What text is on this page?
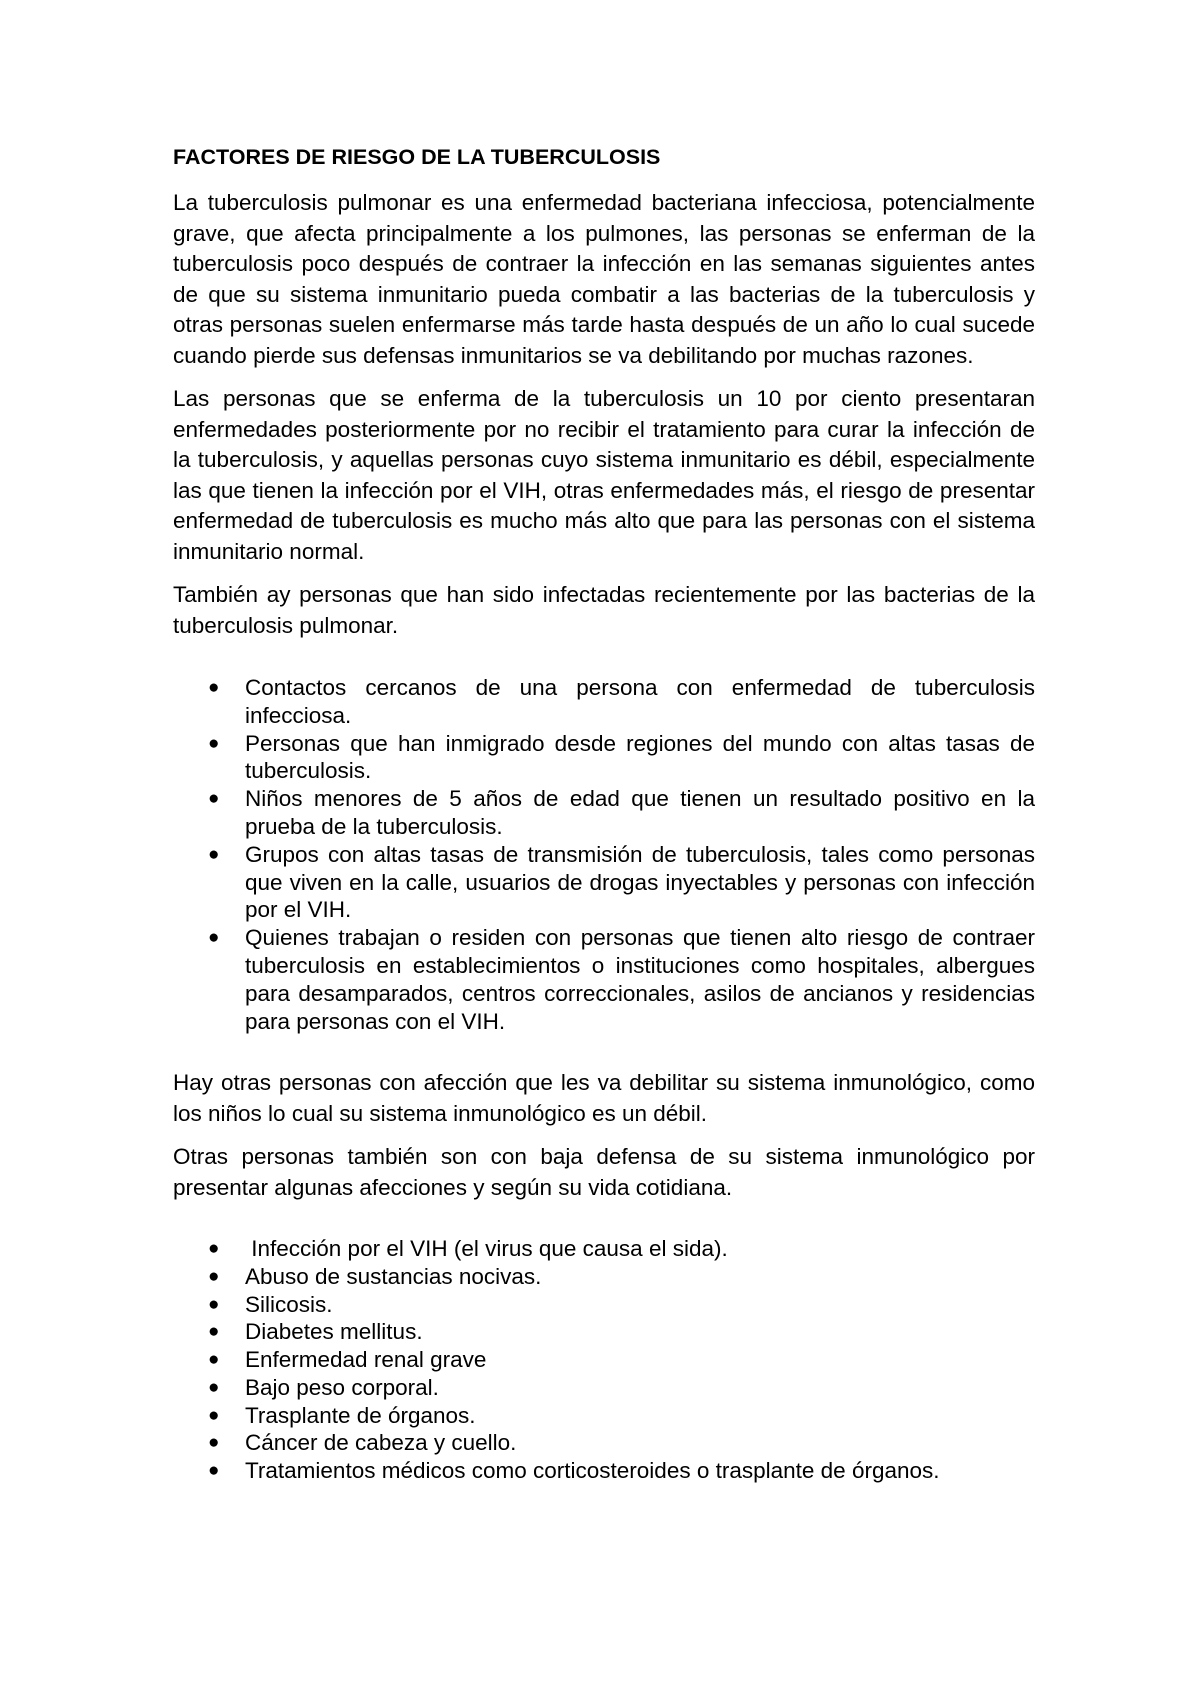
FACTORES DE RIESGO DE LA TUBERCULOSIS

La tuberculosis pulmonar es una enfermedad bacteriana infecciosa, potencialmente grave, que afecta principalmente a los pulmones, las personas se enferman de la tuberculosis poco después de contraer la infección en las semanas siguientes antes de que su sistema inmunitario pueda combatir a las bacterias de la tuberculosis y otras personas suelen enfermarse más tarde hasta después de un año lo cual sucede cuando pierde sus defensas inmunitarios se va debilitando por muchas razones.

Las personas que se enferma de la tuberculosis un 10 por ciento presentaran enfermedades posteriormente por no recibir el tratamiento para curar la infección de la tuberculosis, y aquellas personas cuyo sistema inmunitario es débil, especialmente las que tienen la infección por el VIH, otras enfermedades más, el riesgo de presentar enfermedad de tuberculosis es mucho más alto que para las personas con el sistema inmunitario normal.

También ay personas que han sido infectadas recientemente por las bacterias de la tuberculosis pulmonar.

● Contactos cercanos de una persona con enfermedad de tuberculosis infecciosa.
● Personas que han inmigrado desde regiones del mundo con altas tasas de tuberculosis.
● Niños menores de 5 años de edad que tienen un resultado positivo en la prueba de la tuberculosis.
● Grupos con altas tasas de transmisión de tuberculosis, tales como personas que viven en la calle, usuarios de drogas inyectables y personas con infección por el VIH.
● Quienes trabajan o residen con personas que tienen alto riesgo de contraer tuberculosis en establecimientos o instituciones como hospitales, albergues para desamparados, centros correccionales, asilos de ancianos y residencias para personas con el VIH.

Hay otras personas con afección que les va debilitar su sistema inmunológico, como los niños lo cual su sistema inmunológico es un débil.

Otras personas también son con baja defensa de su sistema inmunológico por presentar algunas afecciones y según su vida cotidiana.

● Infección por el VIH (el virus que causa el sida).
● Abuso de sustancias nocivas.
● Silicosis.
● Diabetes mellitus.
● Enfermedad renal grave
● Bajo peso corporal.
● Trasplante de órganos.
● Cáncer de cabeza y cuello.
● Tratamientos médicos como corticosteroides o trasplante de órganos.
